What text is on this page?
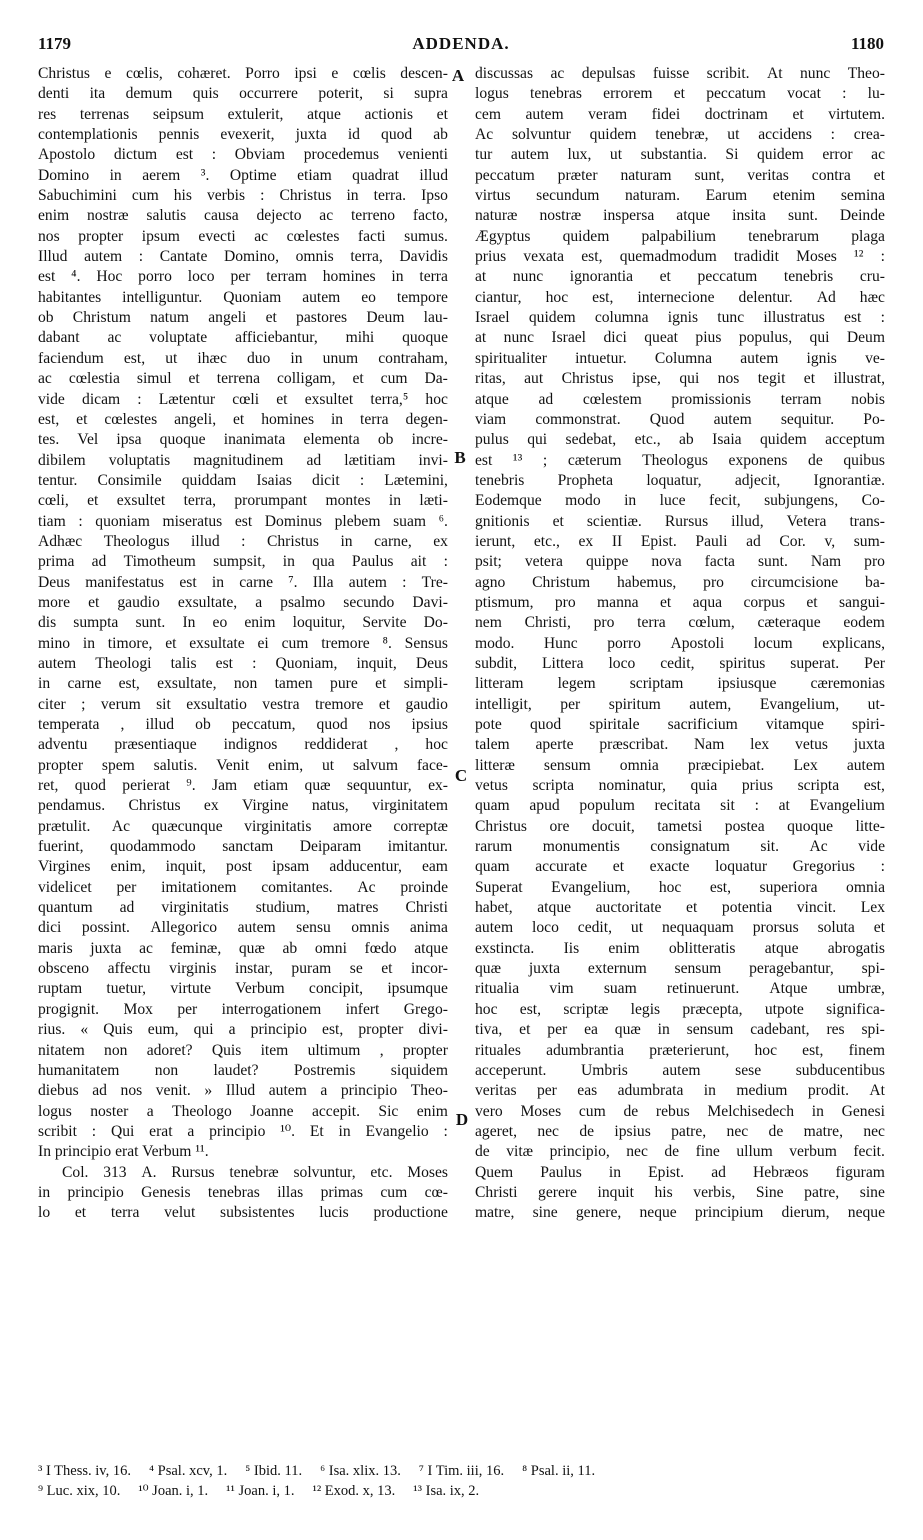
1179	ADDENDA.	1180
Christus e cœlis, cohæret. Porro ipsi e cœlis descen-
denti ita demum quis occurrere poterit, si supra
res terrenas seipsum extulerit, atque actionis et
contemplationis pennis evexerit, juxta id quod ab
Apostolo dictum est : Obviam procedemus venienti
Domino in aerem ³. Optime etiam quadrat illud
Sabuchimini cum his verbis : Christus in terra. Ipso
enim nostræ salutis causa dejecto ac terreno facto,
nos propter ipsum evecti ac cœlestes facti sumus.
Illud autem : Cantate Domino, omnis terra, Davidis
est ⁴. Hoc porro loco per terram homines in terra
habitantes intelliguntur. Quoniam autem eo tempore
ob Christum natum angeli et pastores Deum lau-
dabant ac voluptate afficiebantur, mihi quoque
faciendum est, ut ihæc duo in unum contraham,
ac cœlestia simul et terrena colligam, et cum Da-
vide dicam : Lætentur cœli et exsultet terra,⁵ hoc
est, et cœlestes angeli, et homines in terra degen-
tes. Vel ipsa quoque inanimata elementa ob incre-
dibilem voluptatis magnitudinem ad lætitiam invi-
tentur. Consimile quiddam Isaias dicit : Lætemini,
cœli, et exsultet terra, prorumpant montes in læti-
tiam : quoniam miseratus est Dominus plebem suam ⁶.
Adhæc Theologus illud : Christus in carne, ex
prima ad Timotheum sumpsit, in qua Paulus ait :
Deus manifestatus est in carne ⁷. Illa autem : Tre-
more et gaudio exsultate, a psalmo secundo Davi-
dis sumpta sunt. In eo enim loquitur, Servite Do-
mino in timore, et exsultate ei cum tremore ⁸. Sensus
autem Theologi talis est : Quoniam, inquit, Deus
in carne est, exsultate, non tamen pure et simpli-
citer ; verum sit exsultatio vestra tremore et gaudio
temperata , illud ob peccatum, quod nos ipsius
adventu præsentiaque indignos reddiderat , hoc
propter spem salutis. Venit enim, ut salvum face-
ret, quod perierat ⁹. Jam etiam quæ sequuntur, ex-
pendamus. Christus ex Virgine natus, virginitatem
prætulit. Ac quæcunque virginitatis amore correptæ
fuerint, quodammodo sanctam Deiparam imitantur.
Virgines enim, inquit, post ipsam adducentur, eam
videlicet per imitationem comitantes. Ac proinde
quantum ad virginitatis studium, matres Christi
dici possint. Allegorico autem sensu omnis anima
maris juxta ac feminæ, quæ ab omni fœdo atque
obsceno affectu virginis instar, puram se et incor-
ruptam tuetur, virtute Verbum concipit, ipsumque
progignit. Mox per interrogationem infert Grego-
rius. « Quis eum, qui a principio est, propter divi-
nitatem non adoret? Quis item ultimum , propter
humanitatem non laudet? Postremis siquidem
diebus ad nos venit. » Illud autem a principio Theo-
logus noster a Theologo Joanne accepit. Sic enim
scribit : Qui erat a principio ¹⁰. Et in Evangelio :
In principio erat Verbum ¹¹.
Col. 313 A. Rursus tenebræ solvuntur, etc. Moses
in principio Genesis tenebras illas primas cum cœ-
lo et terra velut subsistentes lucis productione
discussas ac depulsas fuisse scribit. At nunc Theo-
logus tenebras errorem et peccatum vocat : lu-
cem autem veram fidei doctrinam et virtutem.
Ac solvuntur quidem tenebræ, ut accidens : crea-
tur autem lux, ut substantia. Si quidem error ac
peccatum præter naturam sunt, veritas contra et
virtus secundum naturam. Earum etenim semina
naturæ nostræ inspersa atque insita sunt. Deinde
Ægyptus quidem palpabilium tenebrarum plaga
prius vexata est, quemadmodum tradidit Moses ¹² :
at nunc ignorantia et peccatum tenebris cru-
ciantur, hoc est, internecione delentur. Ad hæc
Israel quidem columna ignis tunc illustratus est :
at nunc Israel dici queat pius populus, qui Deum
spiritualiter intuetur. Columna autem ignis ve-
ritas, aut Christus ipse, qui nos tegit et illustrat,
atque ad cœlestem promissionis terram nobis
viam commonstrat. Quod autem sequitur. Po-
pulus qui sedebat, etc., ab Isaia quidem acceptum
est ¹³ ; cæterum Theologus exponens de quibus
tenebris Propheta loquatur, adjecit, Ignorantiæ.
Eodemque modo in luce fecit, subjungens, Co-
gnitionis et scientiæ. Rursus illud, Vetera trans-
ierunt, etc., ex II Epist. Pauli ad Cor. v, sum-
psit; vetera quippe nova facta sunt. Nam pro
agno Christum habemus, pro circumcisione ba-
ptismum, pro manna et aqua corpus et sangui-
nem Christi, pro terra cœlum, cæteraque eodem
modo. Hunc porro Apostoli locum explicans,
subdit, Littera loco cedit, spiritus superat. Per
litteram legem scriptam ipsiusque cæremonias
intelligit, per spiritum autem, Evangelium, ut-
pote quod spiritale sacrificium vitamque spiri-
talem aperte præscribat. Nam lex vetus juxta
litteræ sensum omnia præcipiebat. Lex autem
vetus scripta nominatur, quia prius scripta est,
quam apud populum recitata sit : at Evangelium
Christus ore docuit, tametsi postea quoque litte-
rarum monumentis consignatum sit. Ac vide
quam accurate et exacte loquatur Gregorius :
Superat Evangelium, hoc est, superiora omnia
habet, atque auctoritate et potentia vincit. Lex
autem loco cedit, ut nequaquam prorsus soluta et
exstincta. Iis enim oblitteratis atque abrogatis
quæ juxta externum sensum peragebantur, spi-
ritualia vim suam retinuerunt. Atque umbræ,
hoc est, scriptæ legis præcepta, utpote significa-
tiva, et per ea quæ in sensum cadebant, res spi-
rituales adumbrantia præterierunt, hoc est, finem
acceperunt. Umbris autem sese subducentibus
veritas per eas adumbrata in medium prodit. At
vero Moses cum de rebus Melchisedech in Genesi
ageret, nec de ipsius patre, nec de matre, nec
de vitæ principio, nec de fine ullum verbum fecit.
Quem Paulus in Epist. ad Hebræos figuram
Christi gerere inquit his verbis, Sine patre, sine
matre, sine genere, neque principium dierum, neque
A
B
C
D
³ I Thess. iv, 16. ⁴ Psal. xcv, 1. ⁵ Ibid. 11. ⁶ Isa. xlix. 13. ⁷ I Tim. iii, 16. ⁸ Psal. ii, 11.
⁹ Luc. xix, 10. ¹⁰ Joan. i, 1. ¹¹ Joan. i, 1. ¹² Exod. x, 13. ¹³ Isa. ix, 2.
